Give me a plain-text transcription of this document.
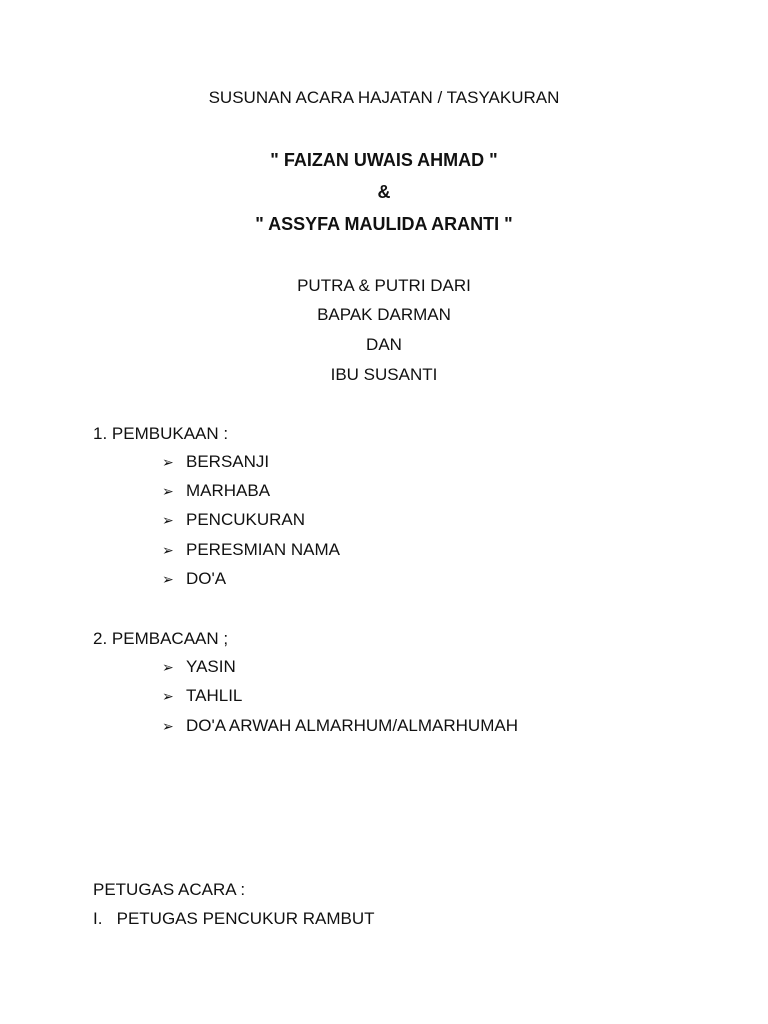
SUSUNAN ACARA HAJATAN / TASYAKURAN
" FAIZAN UWAIS AHMAD "
&
" ASSYFA MAULIDA ARANTI "
PUTRA & PUTRI DARI
BAPAK DARMAN
DAN
IBU SUSANTI
1. PEMBUKAAN :
➢ BERSANJI
➢ MARHABA
➢ PENCUKURAN
➢ PERESMIAN NAMA
➢ DO'A
2. PEMBACAAN ;
➢ YASIN
➢ TAHLIL
➢ DO'A ARWAH ALMARHUM/ALMARHUMAH
PETUGAS ACARA :
I.   PETUGAS PENCUKUR RAMBUT
